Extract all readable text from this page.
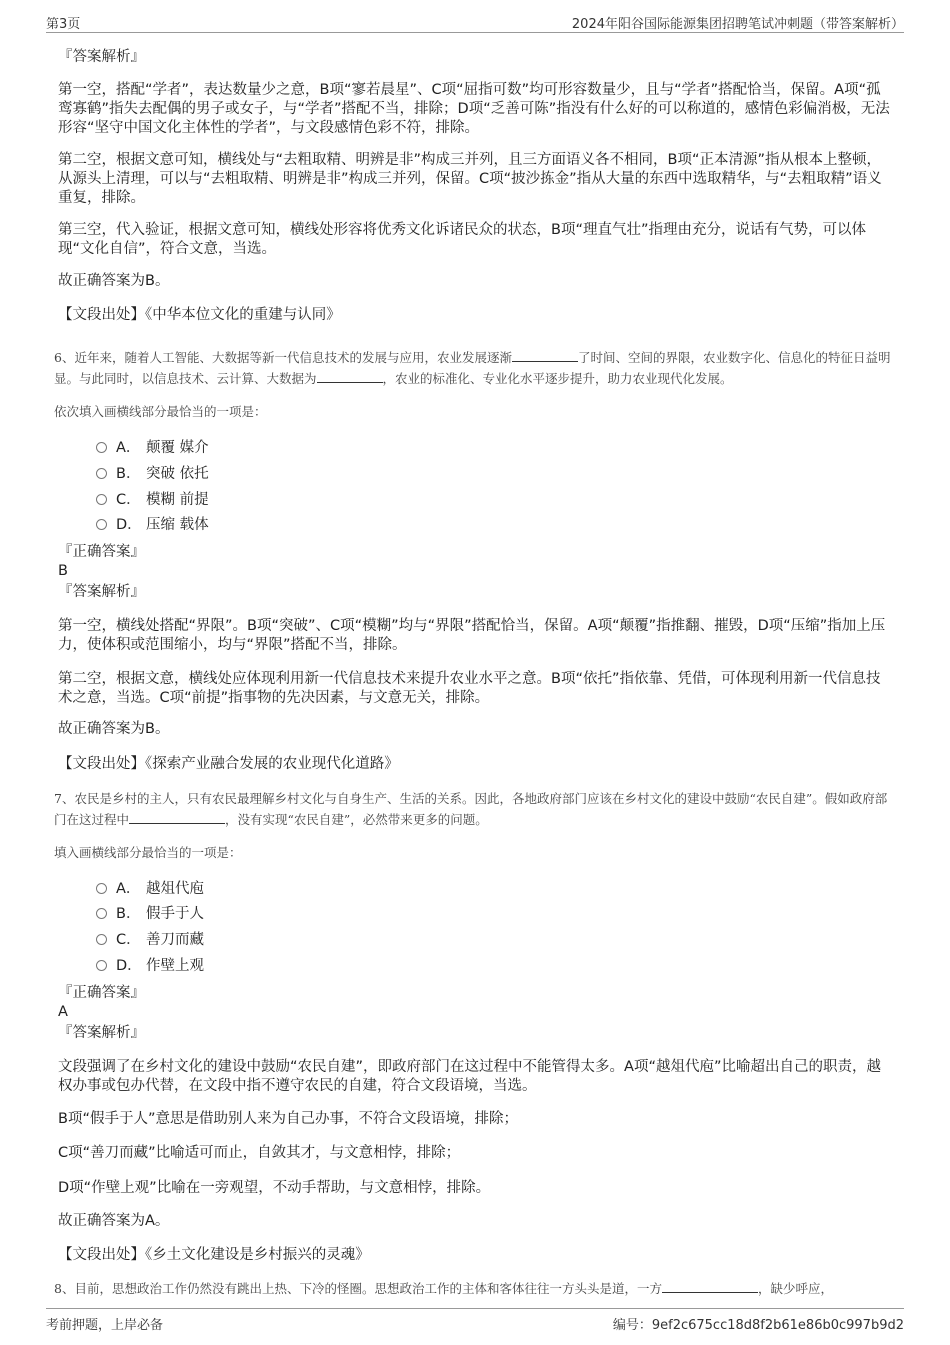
第3页	2024年阳谷国际能源集团招聘笔试冲刺题（带答案解析）
『答案解析』
第一空，搭配“学者”，表达数量少之意，B项“寥若晨星”、C项“屈指可数”均可形容数量少，且与“学者”搭配恰当，保留。A项“孤鸾寡鹤”指失去配偶的男子或女子，与“学者”搭配不当，排除；D项“乏善可陈”指没有什么好的可以称道的，感情色彩偏消极，无法形容“坚守中国文化主体性的学者”，与文段感情色彩不符，排除。
第二空，根据文意可知，横线处与“去粗取精、明辨是非”构成三并列，且三方面语义各不相同，B项“正本清源”指从根本上整顿，从源头上清理，可以与“去粗取精、明辨是非”构成三并列，保留。C项“披沙拣金”指从大量的东西中选取精华，与“去粗取精”语义重复，排除。
第三空，代入验证，根据文意可知，横线处形容将优秀文化诉诸民众的状态，B项“理直气壮”指理由充分，说话有气势，可以体现“文化自信”，符合文意，当选。
故正确答案为B。
【文段出处】《中华本位文化的重建与认同》
6、近年来，随着人工智能、大数据等新一代信息技术的发展与应用，农业发展逐渐	了时间、空间的界限，农业数字化、信息化的特征日益明显。与此同时，以信息技术、云计算、大数据为	，农业的标准化、专业化水平逐步提升，助力农业现代化发展。
依次填入画横线部分最恰当的一项是：
A． 颠覆 媒介
B． 突破 依托
C． 模糊 前提
D． 压缩 载体
『正确答案』
B
『答案解析』
第一空，横线处搭配“界限”。B项“突破”、C项“模糊”均与“界限”搭配恰当，保留。A项“颠覆”指推翻、摧毁，D项“压缩”指加上压力，使体积或范围缩小，均与“界限”搭配不当，排除。
第二空，根据文意，横线处应体现利用新一代信息技术来提升农业水平之意。B项“依托”指依靠、凭借，可体现利用新一代信息技术之意，当选。C项“前提”指事物的先决因素，与文意无关，排除。
故正确答案为B。
【文段出处】《探索产业融合发展的农业现代化道路》
7、农民是乡村的主人，只有农民最理解乡村文化与自身生产、生活的关系。因此，各地政府部门应该在乡村文化的建设中鼓励“农民自建”。假如政府部门在这过程中	，没有实现“农民自建”，必然带来更多的问题。
填入画横线部分最恰当的一项是：
A． 越俎代庖
B． 假手于人
C． 善刀而藏
D． 作壁上观
『正确答案』
A
『答案解析』
文段强调了在乡村文化的建设中鼓励“农民自建”，即政府部门在这过程中不能管得太多。A项“越俎代庖”比喻超出自己的职责，越权办事或包办代替，在文段中指不遵守农民的自建，符合文段语境，当选。
B项“假手于人”意思是借助别人来为自己办事，不符合文段语境，排除；
C项“善刀而藏”比喻适可而止，自敛其才，与文意相悖，排除；
D项“作壁上观”比喻在一旁观望，不动手帮助，与文意相悖，排除。
故正确答案为A。
【文段出处】《乡土文化建设是乡村振兴的灵魂》
8、目前，思想政治工作仍然没有跳出上热、下冷的怪圈。思想政治工作的主体和客体往往一方头头是道，一方	，缺少呼应，
考前押题，上岸必备	编号：9ef2c675cc18d8f2b61e86b0c997b9d2
